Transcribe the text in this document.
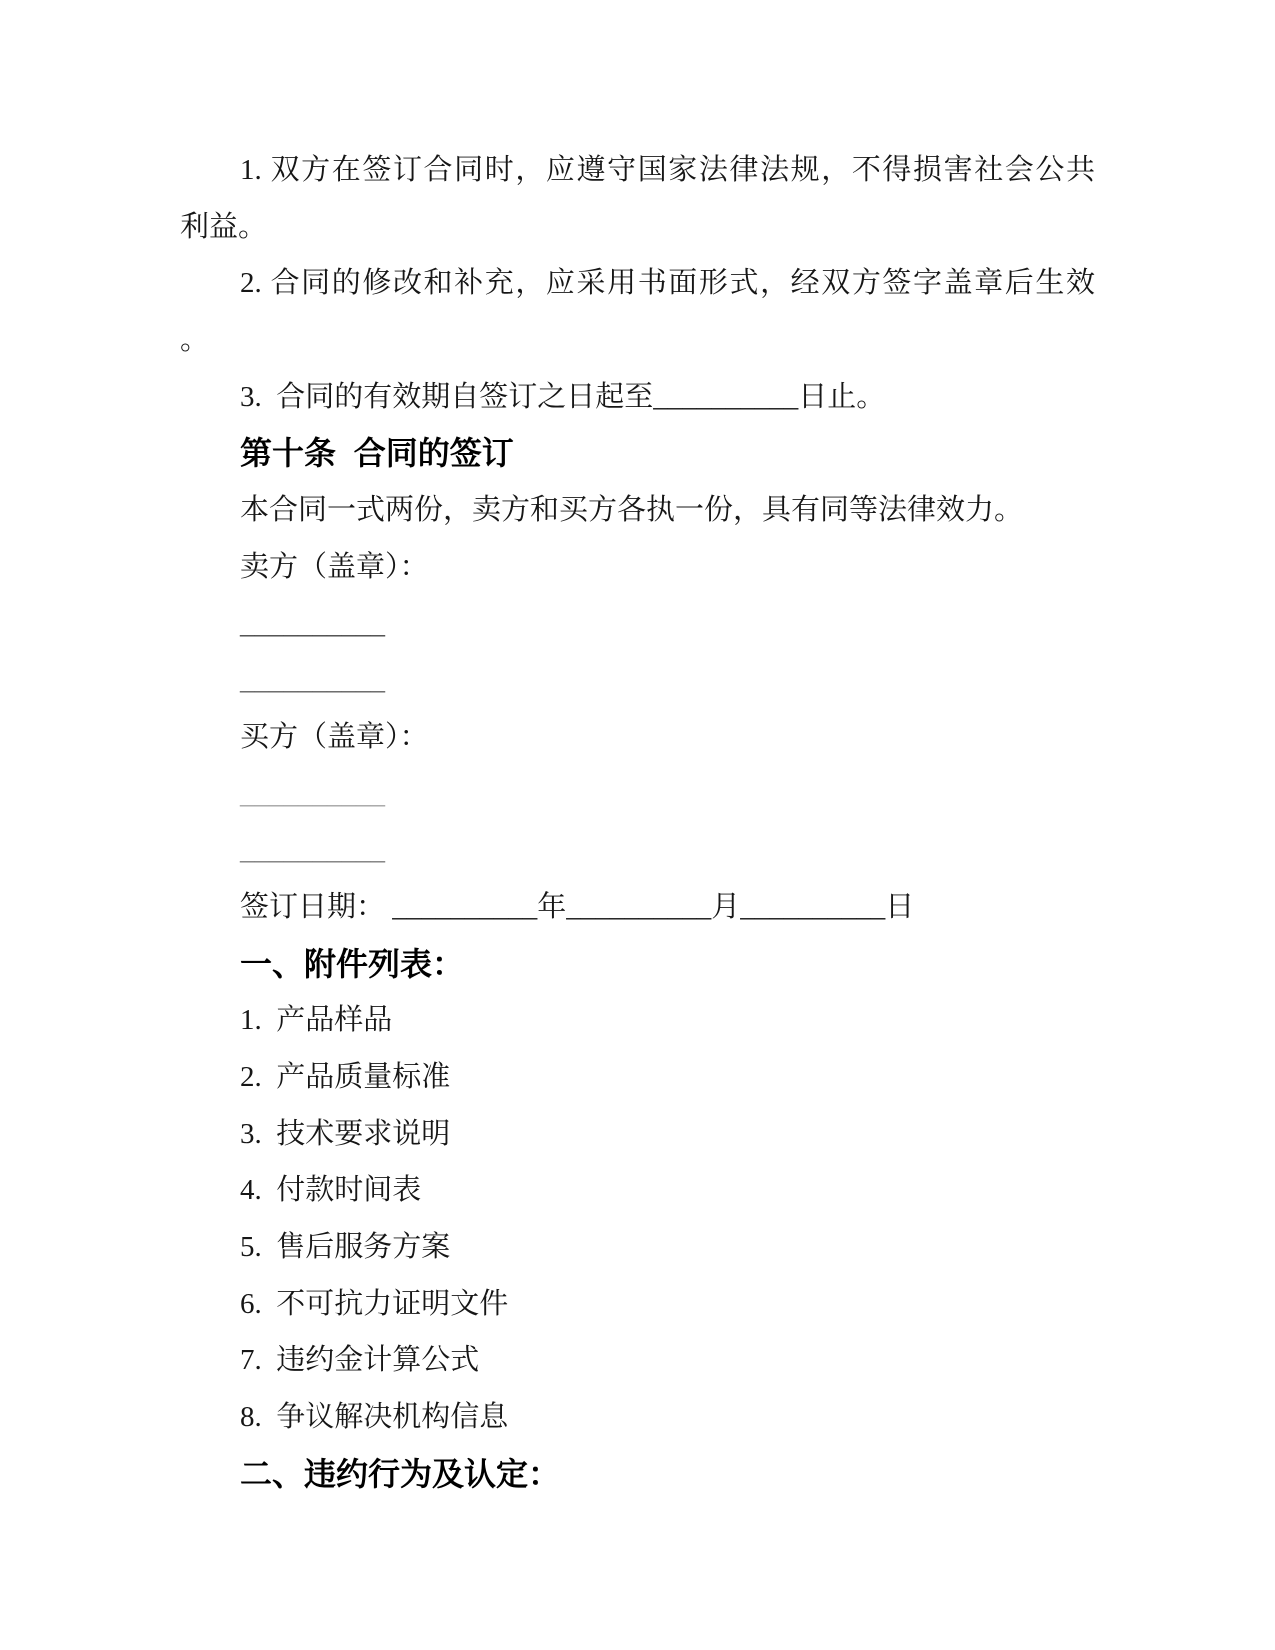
1. 双方在签订合同时，应遵守国家法律法规，不得损害社会公共
利益。
2. 合同的修改和补充，应采用书面形式，经双方签字盖章后生效
。
3.  合同的有效期自签订之日起至__________日止。
第十条  合同的签订
本合同一式两份，卖方和买方各执一份，具有同等法律效力。
卖方（盖章）：
__________
__________
买方（盖章）：
__________
__________
签订日期： __________年__________月__________日
一、附件列表：
1.  产品样品
2.  产品质量标准
3.  技术要求说明
4.  付款时间表
5.  售后服务方案
6.  不可抗力证明文件
7.  违约金计算公式
8.  争议解决机构信息
二、违约行为及认定：
